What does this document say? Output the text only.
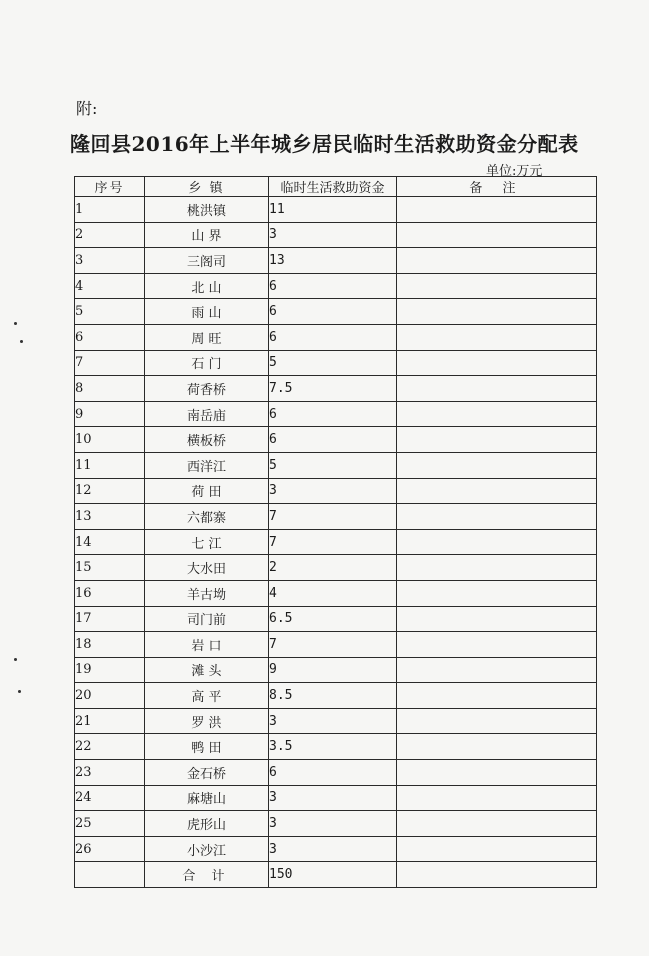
附:
隆回县2016年上半年城乡居民临时生活救助资金分配表
单位:万元
序号	乡 镇	临时生活救助资金	备 注
1	桃洪镇	11	
2	山 界	3	
3	三阁司	13	
4	北 山	6	
5	雨 山	6	
6	周 旺	6	
7	石 门	5	
8	荷香桥	7.5	
9	南岳庙	6	
10	横板桥	6	
11	西洋江	5	
12	荷 田	3	
13	六都寨	7	
14	七 江	7	
15	大水田	2	
16	羊古坳	4	
17	司门前	6.5	
18	岩 口	7	
19	滩 头	9	
20	高 平	8.5	
21	罗 洪	3	
22	鸭 田	3.5	
23	金石桥	6	
24	麻塘山	3	
25	虎形山	3	
26	小沙江	3	
	合 计	150	
